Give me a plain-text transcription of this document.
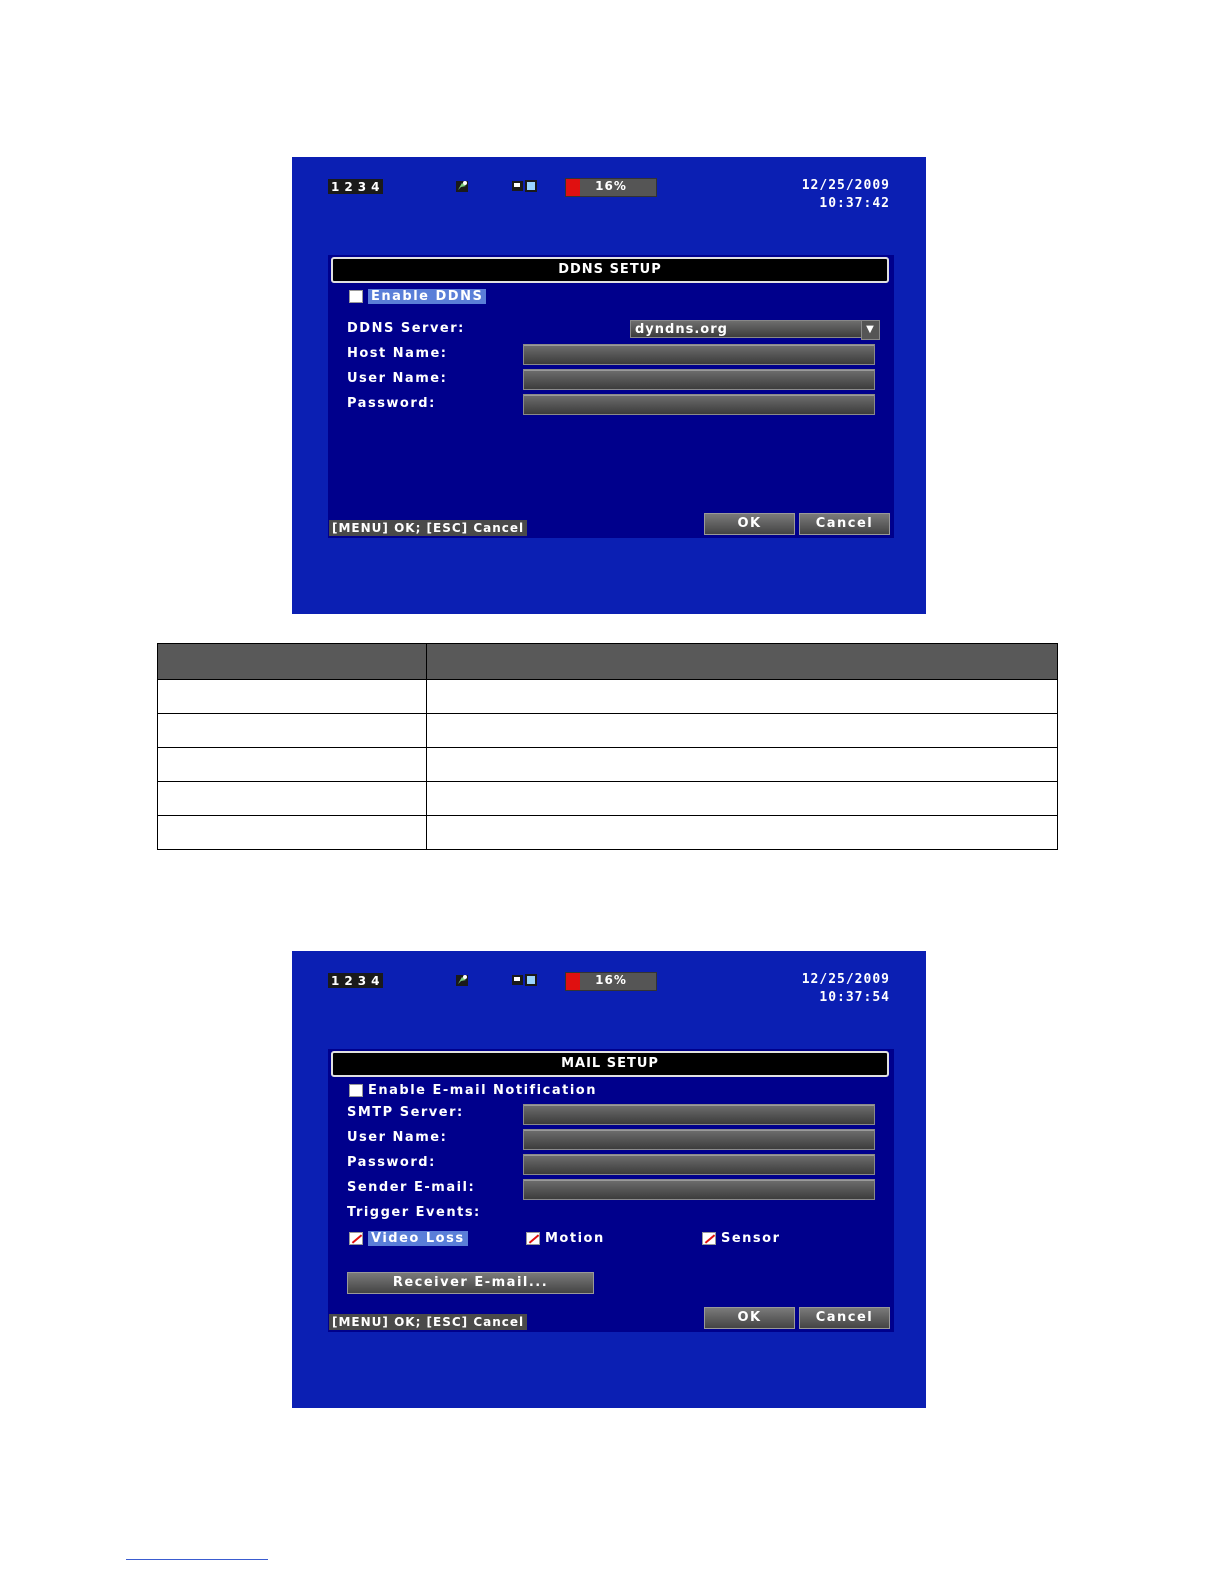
1 2 3 4	16%	12/25/2009
10:37:42
DDNS SETUP
Enable DDNS
DDNS Server:	dyndns.org	▼
Host Name:
User Name:
Password:
[MENU] OK; [ESC] Cancel	OK	Cancel

1 2 3 4	16%	12/25/2009
10:37:54
MAIL SETUP
Enable E-mail Notification
SMTP Server:
User Name:
Password:
Sender E-mail:
Trigger Events:
Video Loss	Motion	Sensor
Receiver E-mail...
[MENU] OK; [ESC] Cancel	OK	Cancel
